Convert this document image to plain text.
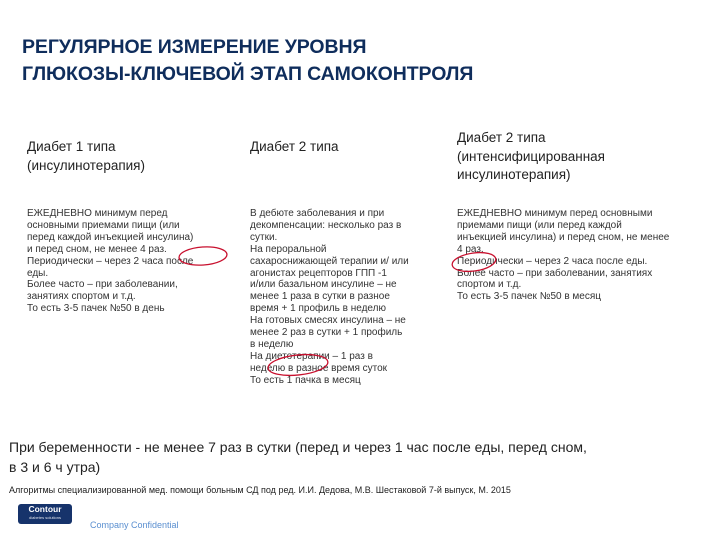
РЕГУЛЯРНОЕ ИЗМЕРЕНИЕ УРОВНЯ
ГЛЮКОЗЫ-КЛЮЧЕВОЙ ЭТАП САМОКОНТРОЛЯ
Диабет 1 типа
(инсулинотерапия)
ЕЖЕДНЕВНО минимум перед
основными приемами пищи (или
перед каждой инъекцией инсулина)
и перед сном, не менее 4 раз.
Периодически – через 2 часа после
еды.
Более часто – при заболевании,
занятиях спортом и т.д.
То есть 3-5 пачек №50 в день
Диабет 2 типа
В дебюте заболевания и при
декомпенсации: несколько раз в
сутки.
На пероральной
сахароснижающей терапии и/ или
агонистах рецепторов ГПП -1
и/или базальном инсулине – не
менее 1 раза в сутки в разное
время + 1 профиль в неделю
На готовых смесях инсулина – не
менее 2 раз в сутки + 1 профиль
в неделю
На диетотерапии – 1 раз в
неделю в разное время суток
То есть 1 пачка в месяц
Диабет 2 типа
(интенсифицированная
инсулинотерапия)
ЕЖЕДНЕВНО минимум перед основными
приемами пищи (или перед каждой
инъекцией инсулина) и перед сном, не менее
4 раз.
Периодически – через 2 часа после еды.
Более часто – при заболевании, занятиях
спортом и т.д.
То есть 3-5 пачек №50 в месяц
При беременности - не менее 7 раз в сутки (перед и через 1 час после еды, перед сном,
в 3 и 6 ч утра)
Алгоритмы специализированной мед. помощи больным СД под ред. И.И. Дедова, М.В. Шестаковой 7-й выпуск, М. 2015
Contour
diabetes solutions
Company Confidential
